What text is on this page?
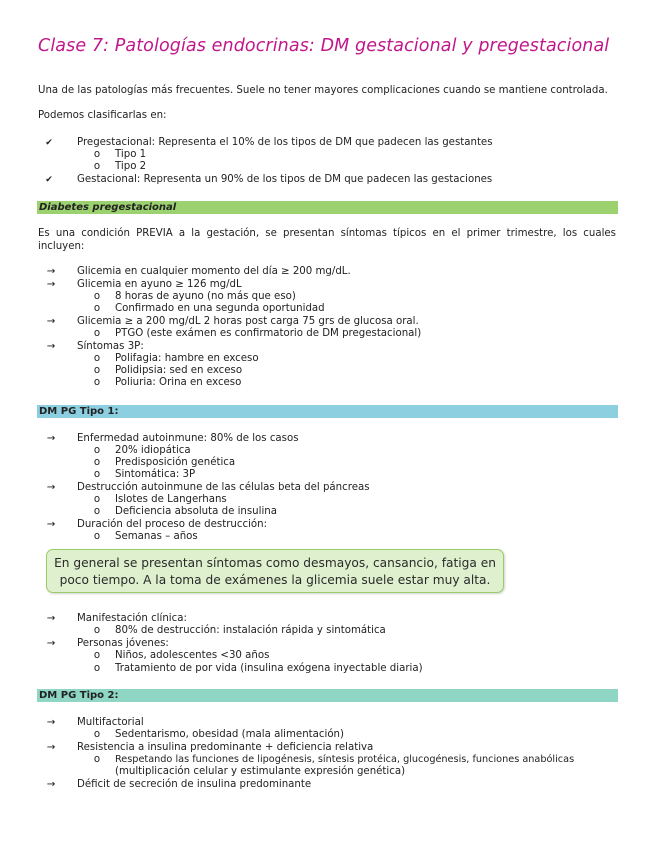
Clase 7: Patologías endocrinas: DM gestacional y pregestacional
Una de las patologías más frecuentes. Suele no tener mayores complicaciones cuando se mantiene controlada.
Podemos clasificarlas en:
✔	Pregestacional: Representa el 10% de los tipos de DM que padecen las gestantes
o	Tipo 1
o	Tipo 2
✔	Gestacional: Representa un 90% de los tipos de DM que padecen las gestaciones
Diabetes pregestacional
Es una condición PREVIA a la gestación, se presentan síntomas típicos en el primer trimestre, los cuales incluyen:
→ Glicemia en cualquier momento del día ≥ 200 mg/dL.
→ Glicemia en ayuno ≥ 126 mg/dL
o	8 horas de ayuno (no más que eso)
o	Confirmado en una segunda oportunidad
→ Glicemia ≥ a 200 mg/dL 2 horas post carga 75 grs de glucosa oral.
o	PTGO (este exámen es confirmatorio de DM pregestacional)
→ Síntomas 3P:
o	Polifagia: hambre en exceso
o	Polidipsia: sed en exceso
o	Poliuria: Orina en exceso
DM PG Tipo 1:
→ Enfermedad autoinmune: 80% de los casos
o	20% idiopática
o	Predisposición genética
o	Sintomática: 3P
→ Destrucción autoinmune de las células beta del páncreas
o	Islotes de Langerhans
o	Deficiencia absoluta de insulina
→ Duración del proceso de destrucción:
o	Semanas – años
En general se presentan síntomas como desmayos, cansancio, fatiga en
poco tiempo. A la toma de exámenes la glicemia suele estar muy alta.
→ Manifestación clínica:
o	80% de destrucción: instalación rápida y sintomática
→ Personas jóvenes:
o	Niños, adolescentes <30 años
o	Tratamiento de por vida (insulina exógena inyectable diaria)
DM PG Tipo 2:
→ Multifactorial
o	Sedentarismo, obesidad (mala alimentación)
→ Resistencia a insulina predominante + deficiencia relativa
o	Respetando las funciones de lipogénesis, síntesis protéica, glucogénesis, funciones anabólicas
(multiplicación celular y estimulante expresión genética)
→ Déficit de secreción de insulina predominante
